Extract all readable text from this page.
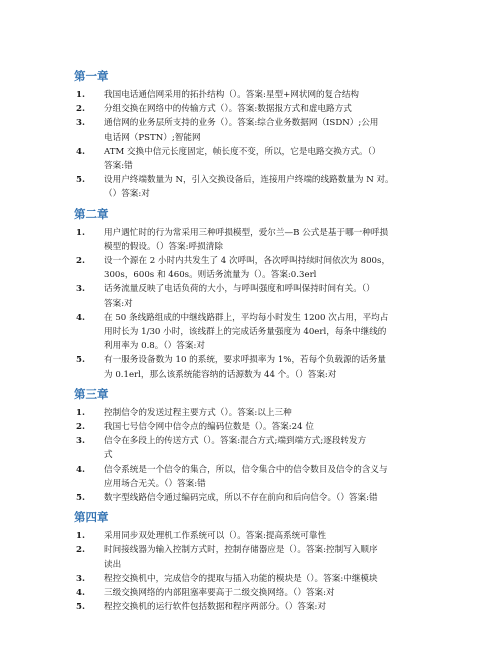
第一章
1.	我国电话通信网采用的拓扑结构（）。答案:星型+网状网的复合结构
2.	分组交换在网络中的传输方式（）。答案:数据报方式和虚电路方式
3.	通信网的业务层所支持的业务（）。答案:综合业务数据网（ISDN）;公用
电话网（PSTN）;智能网
4.	ATM 交换中信元长度固定，帧长度不变，所以，它是电路交换方式。（）
答案:错
5.	设用户终端数量为 N，引入交换设备后，连接用户终端的线路数量为 N 对。
（）答案:对
第二章
1.	用户遇忙时的行为常采用三种呼损模型，爱尔兰—B 公式是基于哪一种呼损
模型的假设。（）答案:呼损清除
2.	设一个源在 2 小时内共发生了 4 次呼叫，各次呼叫持续时间依次为 800s，
300s，600s 和 460s。则话务流量为（）。答案:0.3erl
3.	话务流量反映了电话负荷的大小，与呼叫强度和呼叫保持时间有关。（）
答案:对
4.	在 50 条线路组成的中继线路群上，平均每小时发生 1200 次占用，平均占
用时长为 1/30 小时，该线群上的完成话务量强度为 40erl，每条中继线的
利用率为 0.8。（）答案:对
5.	有一服务设备数为 10 的系统，要求呼损率为 1%，若每个负载源的话务量
为 0.1erl，那么该系统能容纳的话源数为 44 个。（）答案:对
第三章
1.	控制信令的发送过程主要方式（）。答案:以上三种
2.	我国七号信令网中信令点的编码位数是（）。答案:24 位
3.	信令在多段上的传送方式（）。答案:混合方式;端到端方式;逐段转发方
式
4.	信令系统是一个信令的集合，所以，信令集合中的信令数目及信令的含义与
应用场合无关。（）答案:错
5.	数字型线路信令通过编码完成，所以不存在前向和后向信令。（）答案:错
第四章
1.	采用同步双处理机工作系统可以（）。答案:提高系统可靠性
2.	时间接线器为输入控制方式时，控制存储器应是（）。答案:控制写入顺序
读出
3.	程控交换机中，完成信令的提取与插入功能的模块是（）。答案:中继模块
4.	三级交换网络的内部阻塞率要高于二级交换网络。（）答案:对
5.	程控交换机的运行软件包括数据和程序两部分。（）答案:对
